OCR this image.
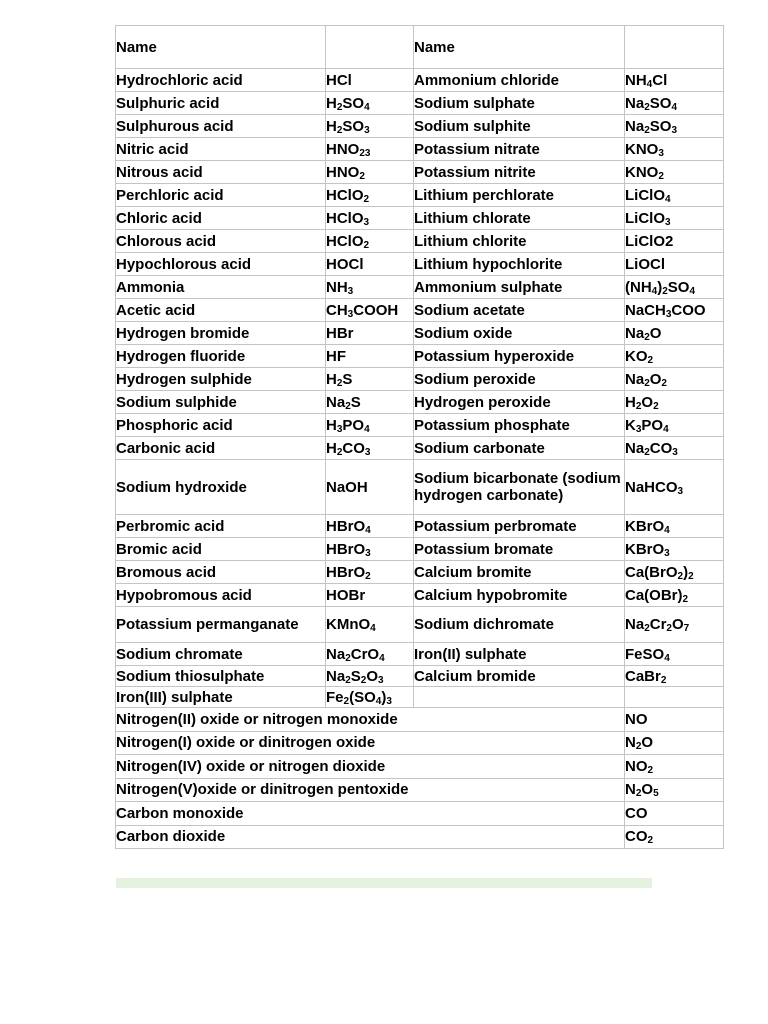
Name		Name	
Hydrochloric acid	HCl	Ammonium chloride	$NH_4Cl$
Sulphuric acid	$H_2SO_4$	Sodium sulphate	$Na_2SO_4$
Sulphurous acid	$H_2SO_3$	Sodium sulphite	$Na_2SO_3$
Nitric acid	$HNO_{23}$	Potassium nitrate	$KNO_3$
Nitrous acid	$HNO_2$	Potassium nitrite	$KNO_2$
Perchloric acid	HClO$_2$	Lithium perchlorate	LiClO$_4$
Chloric acid	HClO$_3$	Lithium chlorate	LiClO$_3$
Chlorous acid	HClO$_2$	Lithium chlorite	LiClO2
Hypochlorous acid	HOCl	Lithium hypochlorite	LiOCl
Ammonia	$NH_3$	Ammonium sulphate	$(NH_4)_2SO_4$
Acetic acid	$CH_3COOH$	Sodium acetate	NaCH$_3$COO
Hydrogen bromide	HBr	Sodium oxide	$Na_2O$
Hydrogen fluoride	HF	Potassium hyperoxide	$KO_2$
Hydrogen sulphide	$H_2S$	Sodium peroxide	$Na_2O_2$
Sodium sulphide	$Na_2S$	Hydrogen peroxide	$H_2O_2$
Phosphoric acid	$H_3PO_4$	Potassium phosphate	$K_3PO_4$
Carbonic acid	$H_2CO_3$	Sodium carbonate	$Na_2CO_3$
Sodium hydroxide	NaOH	Sodium bicarbonate (sodium hydrogen carbonate)	NaHCO$_3$
Perbromic acid	HBrO$_4$	Potassium perbromate	KBrO$_4$
Bromic acid	HBrO$_3$	Potassium bromate	KBrO$_3$
Bromous acid	HBrO$_2$	Calcium bromite	$Ca(BrO_2)_2$
Hypobromous acid	HOBr	Calcium hypobromite	$Ca(OBr)_2$
Potassium permanganate	KMnO$_4$	Sodium dichromate	$Na_2Cr_2O_7$
Sodium chromate	$Na_2CrO_4$	Iron(II) sulphate	FeSO$_4$
Sodium thiosulphate	$Na_2S_2O_3$	Calcium bromide	CaBr$_2$
Iron(III) sulphate	$Fe_2(SO_4)_3$		
Nitrogen(II) oxide or nitrogen monoxide			NO
Nitrogen(I) oxide or dinitrogen oxide			$N_2O$
Nitrogen(IV) oxide or nitrogen dioxide			$NO_2$
Nitrogen(V)oxide or dinitrogen pentoxide			$N_2O_5$
Carbon monoxide			CO
Carbon dioxide			$CO_2$
